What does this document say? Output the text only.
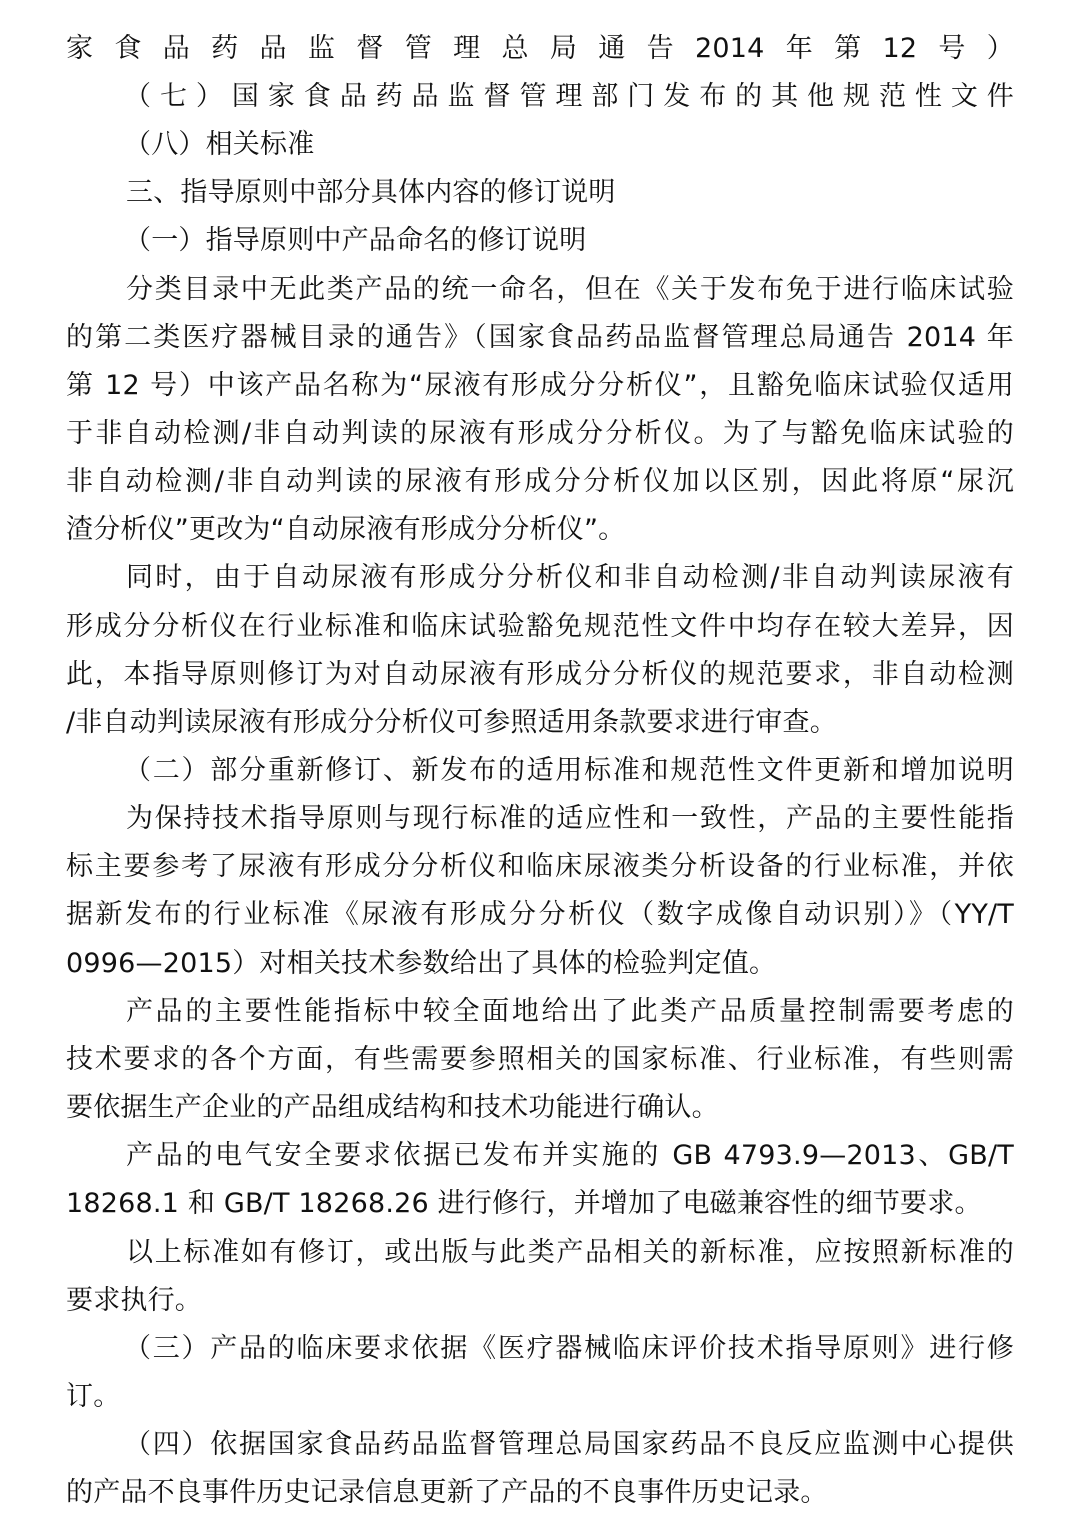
家食品药品监督管理总局通告2014年第12号）
（七）国家食品药品监督管理部门发布的其他规范性文件
（八）相关标准
三、指导原则中部分具体内容的修订说明
（一）指导原则中产品命名的修订说明
分类目录中无此类产品的统一命名，但在《关于发布免于进行临床试验
的第二类医疗器械目录的通告》（国家食品药品监督管理总局通告 2014 年
第 12 号）中该产品名称为“尿液有形成分分析仪”，且豁免临床试验仅适用
于非自动检测/非自动判读的尿液有形成分分析仪。为了与豁免临床试验的
非自动检测/非自动判读的尿液有形成分分析仪加以区别，因此将原“尿沉
渣分析仪”更改为“自动尿液有形成分分析仪”。
同时，由于自动尿液有形成分分析仪和非自动检测/非自动判读尿液有
形成分分析仪在行业标准和临床试验豁免规范性文件中均存在较大差异，因
此，本指导原则修订为对自动尿液有形成分分析仪的规范要求，非自动检测
/非自动判读尿液有形成分分析仪可参照适用条款要求进行审查。
（二）部分重新修订、新发布的适用标准和规范性文件更新和增加说明
为保持技术指导原则与现行标准的适应性和一致性，产品的主要性能指
标主要参考了尿液有形成分分析仪和临床尿液类分析设备的行业标准，并依
据新发布的行业标准《尿液有形成分分析仪（数字成像自动识别）》（YY/T
0996—2015）对相关技术参数给出了具体的检验判定值。
产品的主要性能指标中较全面地给出了此类产品质量控制需要考虑的
技术要求的各个方面，有些需要参照相关的国家标准、行业标准，有些则需
要依据生产企业的产品组成结构和技术功能进行确认。
产品的电气安全要求依据已发布并实施的 GB 4793.9—2013、GB/T
18268.1 和 GB/T 18268.26 进行修行，并增加了电磁兼容性的细节要求。
以上标准如有修订，或出版与此类产品相关的新标准，应按照新标准的
要求执行。
（三）产品的临床要求依据《医疗器械临床评价技术指导原则》进行修
订。
（四）依据国家食品药品监督管理总局国家药品不良反应监测中心提供
的产品不良事件历史记录信息更新了产品的不良事件历史记录。
